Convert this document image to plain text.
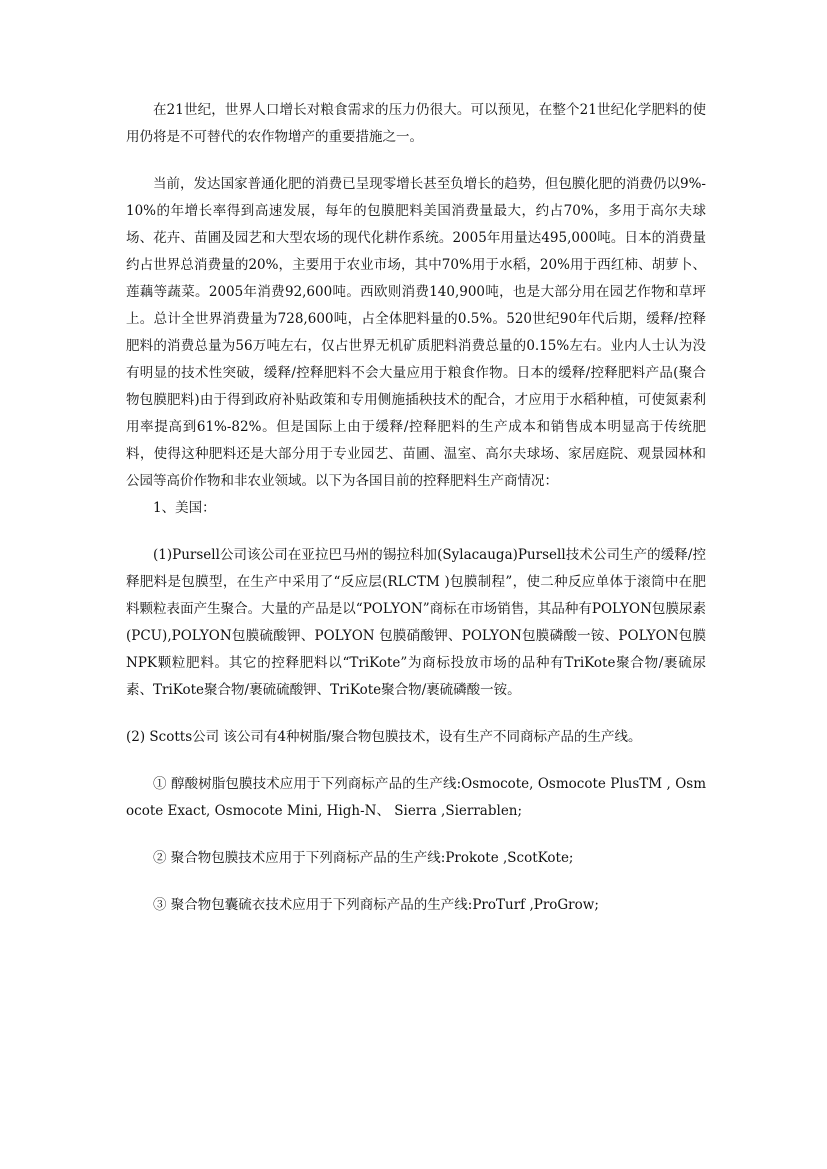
在21世纪，世界人口增长对粮食需求的压力仍很大。可以预见，在整个21世纪化学肥料的使用仍将是不可替代的农作物增产的重要措施之一。

当前，发达国家普通化肥的消费已呈现零增长甚至负增长的趋势，但包膜化肥的消费仍以9%-10%的年增长率得到高速发展，每年的包膜肥料美国消费量最大，约占70%，多用于高尔夫球场、花卉、苗圃及园艺和大型农场的现代化耕作系统。2005年用量达495,000吨。日本的消费量约占世界总消费量的20%，主要用于农业市场，其中70%用于水稻，20%用于西红柿、胡萝卜、莲藕等蔬菜。2005年消费92,600吨。西欧则消费140,900吨，也是大部分用在园艺作物和草坪上。总计全世界消费量为728,600吨，占全体肥料量的0.5%。520世纪90年代后期，缓释/控释肥料的消费总量为56万吨左右，仅占世界无机矿质肥料消费总量的0.15%左右。业内人士认为没有明显的技术性突破，缓释/控释肥料不会大量应用于粮食作物。日本的缓释/控释肥料产品(聚合物包膜肥料)由于得到政府补贴政策和专用侧施插秧技术的配合，才应用于水稻种植，可使氮素利用率提高到61%-82%。但是国际上由于缓释/控释肥料的生产成本和销售成本明显高于传统肥料，使得这种肥料还是大部分用于专业园艺、苗圃、温室、高尔夫球场、家居庭院、观景园林和公园等高价作物和非农业领域。以下为各国目前的控释肥料生产商情况：

1、美国：

(1)Pursell公司该公司在亚拉巴马州的锡拉科加(Sylacauga)Pursell技术公司生产的缓释/控释肥料是包膜型，在生产中采用了“反应层(RLCTM )包膜制程”，使二种反应单体于滚筒中在肥料颗粒表面产生聚合。大量的产品是以“POLYON”商标在市场销售，其品种有POLYON包膜尿素(PCU),POLYON包膜硫酸钾、POLYON 包膜硝酸钾、POLYON包膜磷酸一铵、POLYON包膜NPK颗粒肥料。其它的控释肥料以“TriKote”为商标投放市场的品种有TriKote聚合物/裹硫尿素、TriKote聚合物/裹硫硫酸钾、TriKote聚合物/裹硫磷酸一铵。

(2) Scotts公司 该公司有4种树脂/聚合物包膜技术，设有生产不同商标产品的生产线。

① 醇酸树脂包膜技术应用于下列商标产品的生产线:Osmocote, Osmocote PlusTM , Osmocote Exact, Osmocote Mini, High-N、 Sierra ,Sierrablen;

② 聚合物包膜技术应用于下列商标产品的生产线:Prokote ,ScotKote;

③ 聚合物包囊硫衣技术应用于下列商标产品的生产线:ProTurf ,ProGrow;
